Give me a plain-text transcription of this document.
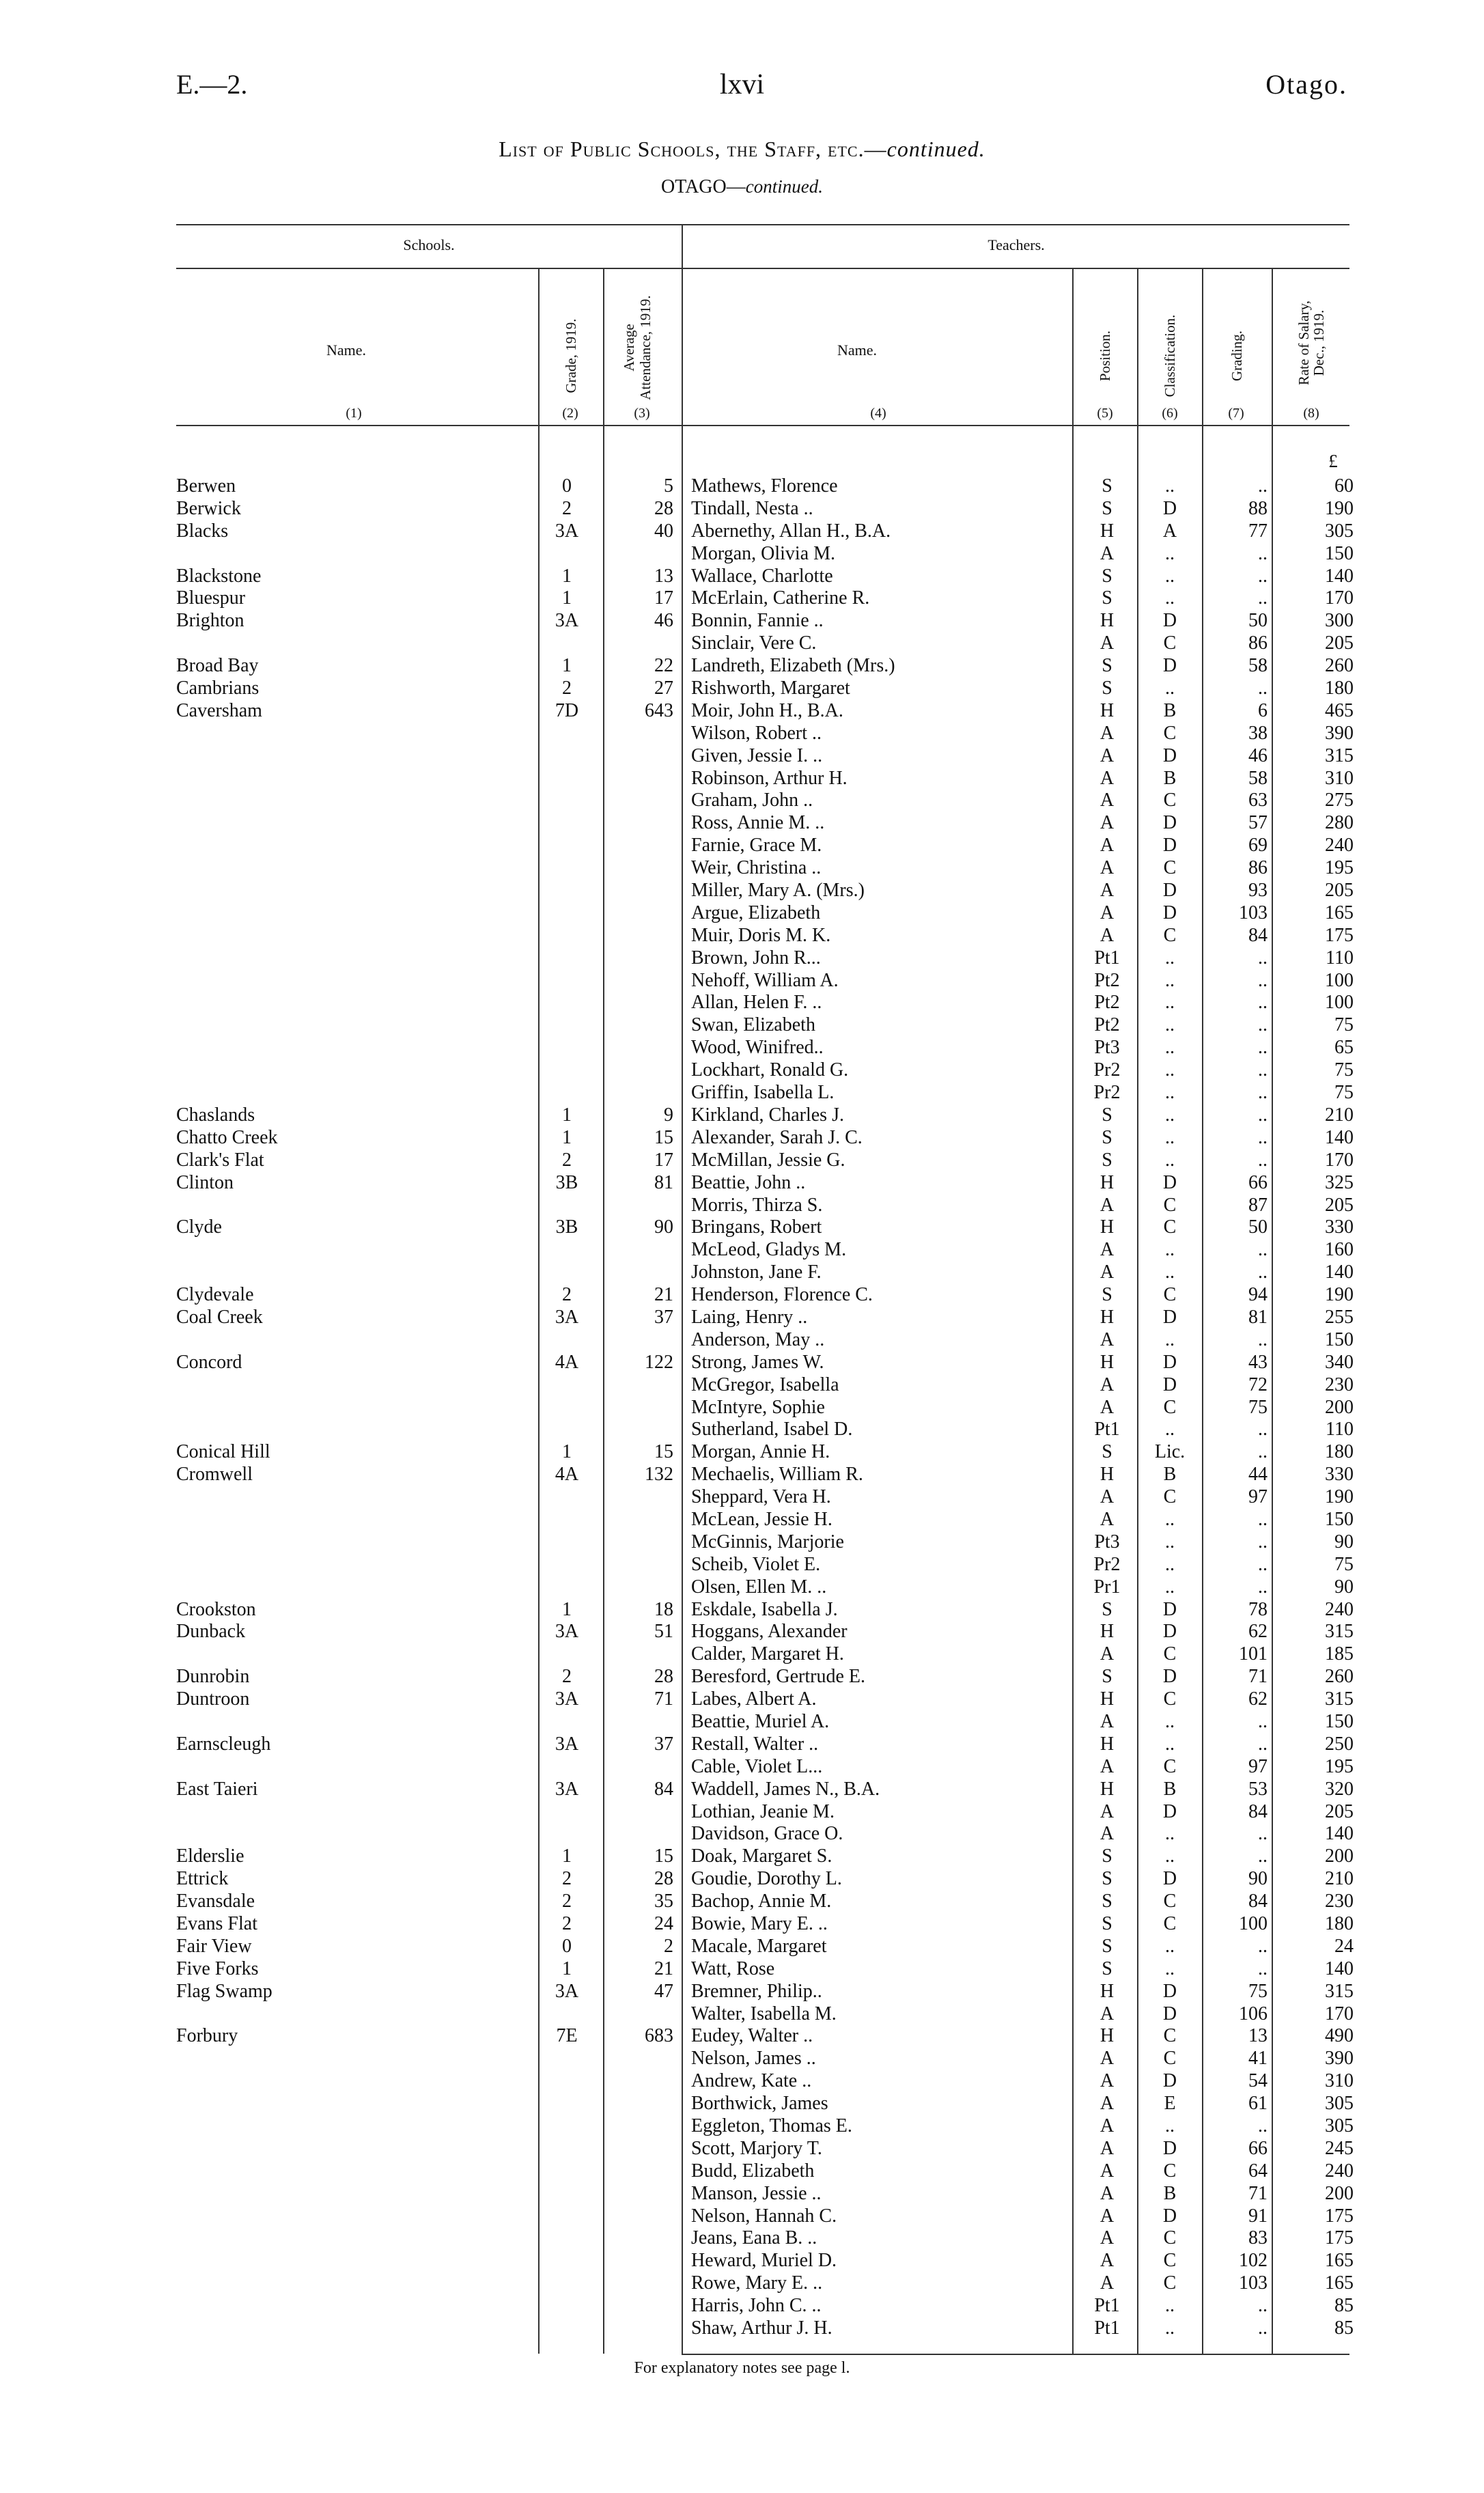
E.—2.	lxvi	Otago.
List of Public Schools, the Staff, etc.—continued.
OTAGO—continued.
Schools.	Teachers.
Name.	Grade, 1919.	Average Attendance, 1919.	Name.	Position.	Classification.	Grading.	Rate of Salary, Dec., 1919.
(1)	(2)	(3)	(4)	(5)	(6)	(7)	(8)
£
Berwen	0	5 Mathews, Florence	S	..	..	60
Berwick	2	28 Tindall, Nesta ..	S	D	88	190
Blacks	3A	40 Abernethy, Allan H., B.A.	H	A	77	305
Morgan, Olivia M.	A	..	..	150
Blackstone	1	13 Wallace, Charlotte	S	..	..	140
Bluespur	1	17 McErlain, Catherine R.	S	..	..	170
Brighton	3A	46 Bonnin, Fannie ..	H	D	50	300
Sinclair, Vere C.	A	C	86	205
Broad Bay	1	22 Landreth, Elizabeth (Mrs.)	S	D	58	260
Cambrians	2	27 Rishworth, Margaret	S	..	..	180
Caversham	7D	643 Moir, John H., B.A.	H	B	6	465
Wilson, Robert ..	A	C	38	390
Given, Jessie I. ..	A	D	46	315
Robinson, Arthur H.	A	B	58	310
Graham, John ..	A	C	63	275
Ross, Annie M. ..	A	D	57	280
Farnie, Grace M.	A	D	69	240
Weir, Christina ..	A	C	86	195
Miller, Mary A. (Mrs.)	A	D	93	205
Argue, Elizabeth	A	D	103	165
Muir, Doris M. K.	A	C	84	175
Brown, John R...	Pt1	..	..	110
Nehoff, William A.	Pt2	..	..	100
Allan, Helen F. ..	Pt2	..	..	100
Swan, Elizabeth	Pt2	..	..	75
Wood, Winifred..	Pt3	..	..	65
Lockhart, Ronald G.	Pr2	..	..	75
Griffin, Isabella L.	Pr2	..	..	75
Chaslands	1	9 Kirkland, Charles J.	S	..	..	210
Chatto Creek	1	15 Alexander, Sarah J. C.	S	..	..	140
Clark's Flat	2	17 McMillan, Jessie G.	S	..	..	170
Clinton	3B	81 Beattie, John ..	H	D	66	325
Morris, Thirza S.	A	C	87	205
Clyde	3B	90 Bringans, Robert	H	C	50	330
McLeod, Gladys M.	A	..	..	160
Johnston, Jane F.	A	..	..	140
Clydevale	2	21 Henderson, Florence C.	S	C	94	190
Coal Creek	3A	37 Laing, Henry ..	H	D	81	255
Anderson, May ..	A	..	..	150
Concord	4A	122 Strong, James W.	H	D	43	340
McGregor, Isabella	A	D	72	230
McIntyre, Sophie	A	C	75	200
Sutherland, Isabel D.	Pt1	..	..	110
Conical Hill	1	15 Morgan, Annie H.	S	Lic.	..	180
Cromwell	4A	132 Mechaelis, William R.	H	B	44	330
Sheppard, Vera H.	A	C	97	190
McLean, Jessie H.	A	..	..	150
McGinnis, Marjorie	Pt3	..	..	90
Scheib, Violet E.	Pr2	..	..	75
Olsen, Ellen M. ..	Pr1	..	..	90
Crookston	1	18 Eskdale, Isabella J.	S	D	78	240
Dunback	3A	51 Hoggans, Alexander	H	D	62	315
Calder, Margaret H.	A	C	101	185
Dunrobin	2	28 Beresford, Gertrude E.	S	D	71	260
Duntroon	3A	71 Labes, Albert A.	H	C	62	315
Beattie, Muriel A.	A	..	..	150
Earnscleugh	3A	37 Restall, Walter ..	H	..	..	250
Cable, Violet L...	A	C	97	195
East Taieri	3A	84 Waddell, James N., B.A.	H	B	53	320
Lothian, Jeanie M.	A	D	84	205
Davidson, Grace O.	A	..	..	140
Elderslie	1	15 Doak, Margaret S.	S	..	..	200
Ettrick	2	28 Goudie, Dorothy L.	S	D	90	210
Evansdale	2	35 Bachop, Annie M.	S	C	84	230
Evans Flat	2	24 Bowie, Mary E. ..	S	C	100	180
Fair View	0	2 Macale, Margaret	S	..	..	24
Five Forks	1	21 Watt, Rose	S	..	..	140
Flag Swamp	3A	47 Bremner, Philip..	H	D	75	315
Walter, Isabella M.	A	D	106	170
Forbury	7E	683 Eudey, Walter ..	H	C	13	490
Nelson, James ..	A	C	41	390
Andrew, Kate ..	A	D	54	310
Borthwick, James	A	E	61	305
Eggleton, Thomas E.	A	..	..	305
Scott, Marjory T.	A	D	66	245
Budd, Elizabeth	A	C	64	240
Manson, Jessie ..	A	B	71	200
Nelson, Hannah C.	A	D	91	175
Jeans, Eana B. ..	A	C	83	175
Heward, Muriel D.	A	C	102	165
Rowe, Mary E. ..	A	C	103	165
Harris, John C. ..	Pt1	..	..	85
Shaw, Arthur J. H.	Pt1	..	..	85
For explanatory notes see page l.
